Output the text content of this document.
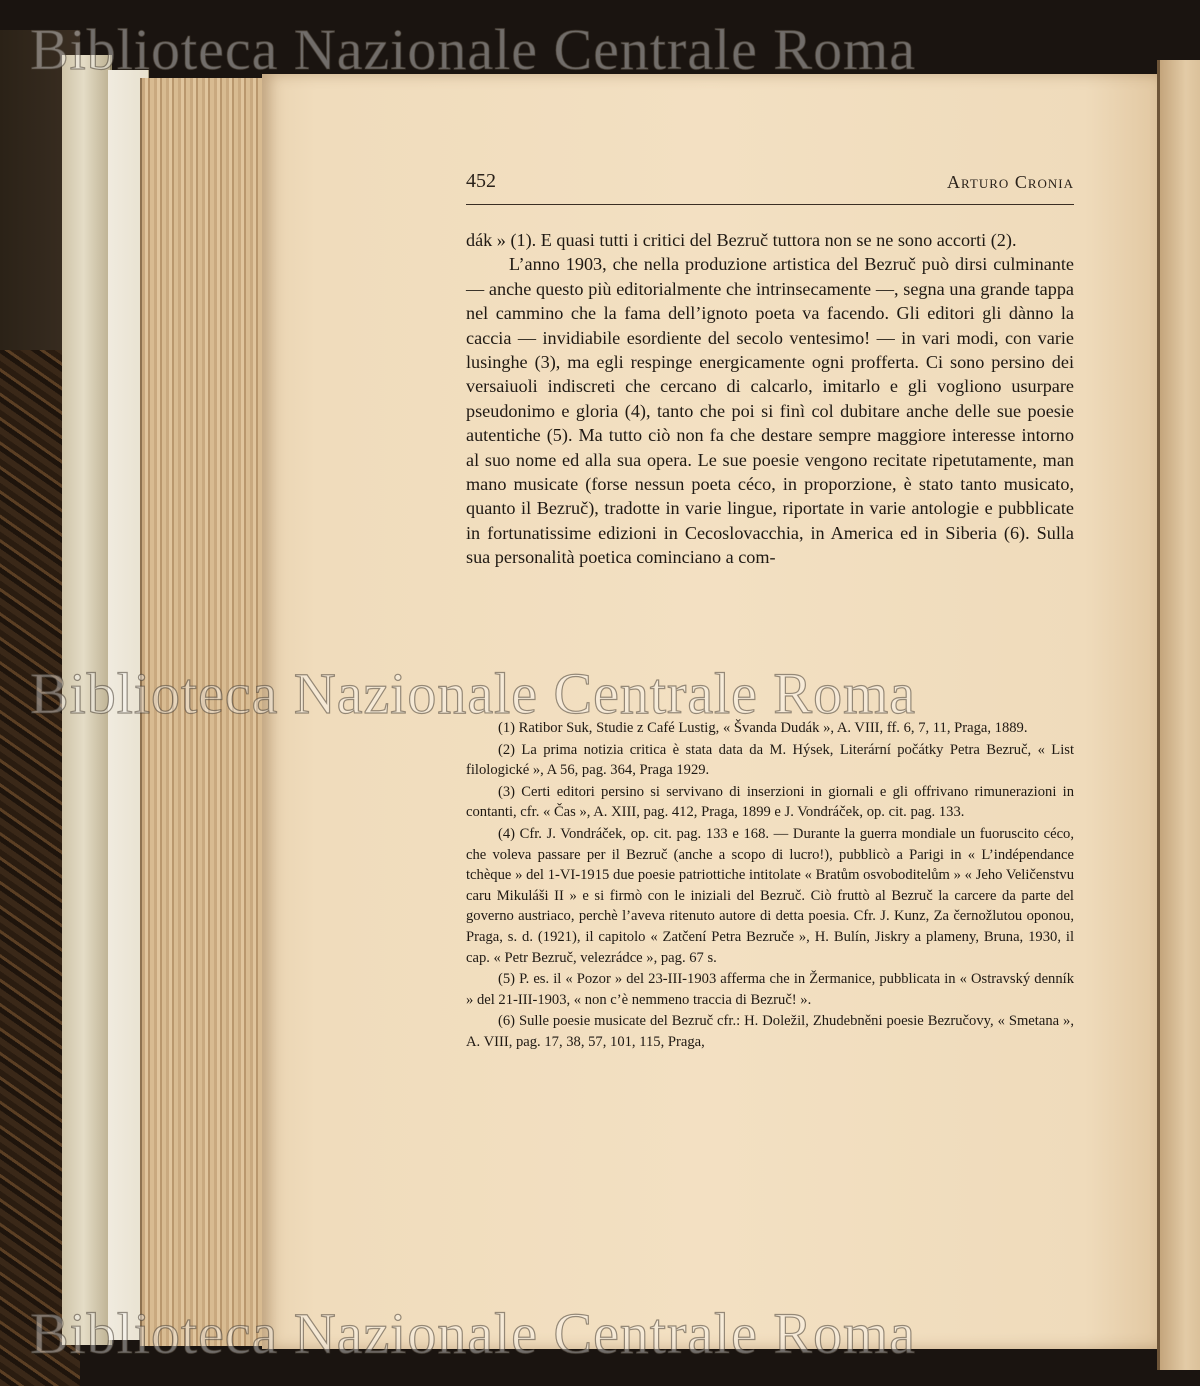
452	Arturo Cronia

dák » (1). E quasi tutti i critici del Bezruč tuttora non se ne sono accorti (2).

L’anno 1903, che nella produzione artistica del Bezruč può dirsi culminante — anche questo più editorialmente che intrinsecamente —, segna una grande tappa nel cammino che la fama dell’ignoto poeta va facendo. Gli editori gli dànno la caccia — invidiabile esordiente del secolo ventesimo! — in vari modi, con varie lusinghe (3), ma egli respinge energicamente ogni profferta. Ci sono persino dei versaiuoli indiscreti che cercano di calcarlo, imitarlo e gli vogliono usurpare pseudonimo e gloria (4), tanto che poi si finì col dubitare anche delle sue poesie autentiche (5). Ma tutto ciò non fa che destare sempre maggiore interesse intorno al suo nome ed alla sua opera. Le sue poesie vengono recitate ripetutamente, man mano musicate (forse nessun poeta céco, in proporzione, è stato tanto musicato, quanto il Bezruč), tradotte in varie lingue, riportate in varie antologie e pubblicate in fortunatissime edizioni in Cecoslovacchia, in America ed in Siberia (6). Sulla sua personalità poetica cominciano a com-

(1) Ratibor Suk, Studie z Café Lustig, « Švanda Dudák », A. VIII, ff. 6, 7, 11, Praga, 1889.

(2) La prima notizia critica è stata data da M. Hýsek, Literární počátky Petra Bezruč, « List filologické », A 56, pag. 364, Praga 1929.

(3) Certi editori persino si servivano di inserzioni in giornali e gli offrivano rimunerazioni in contanti, cfr. « Čas », A. XIII, pag. 412, Praga, 1899 e J. Vondráček, op. cit. pag. 133.

(4) Cfr. J. Vondráček, op. cit. pag. 133 e 168. — Durante la guerra mondiale un fuoruscito céco, che voleva passare per il Bezruč (anche a scopo di lucro!), pubblicò a Parigi in « L’indépendance tchèque » del 1-VI-1915 due poesie patriottiche intitolate « Bratům osvoboditelům » « Jeho Veličenstvu caru Mikuláši II » e si firmò con le iniziali del Bezruč. Ciò fruttò al Bezruč la carcere da parte del governo austriaco, perchè l’aveva ritenuto autore di detta poesia. Cfr. J. Kunz, Za černožlutou oponou, Praga, s. d. (1921), il capitolo « Zatčení Petra Bezruče », H. Bulín, Jiskry a plameny, Bruna, 1930, il cap. « Petr Bezruč, velezrádce », pag. 67 s.

(5) P. es. il « Pozor » del 23-III-1903 afferma che in Žermanice, pubblicata in « Ostravský denník » del 21-III-1903, « non c’è nemmeno traccia di Bezruč! ».

(6) Sulle poesie musicate del Bezruč cfr.: H. Doležil, Zhudebněni poesie Bezručovy, « Smetana », A. VIII, pag. 17, 38, 57, 101, 115, Praga,

Biblioteca Nazionale Centrale Roma
Biblioteca Nazionale Centrale Roma
Biblioteca Nazionale Centrale Roma
